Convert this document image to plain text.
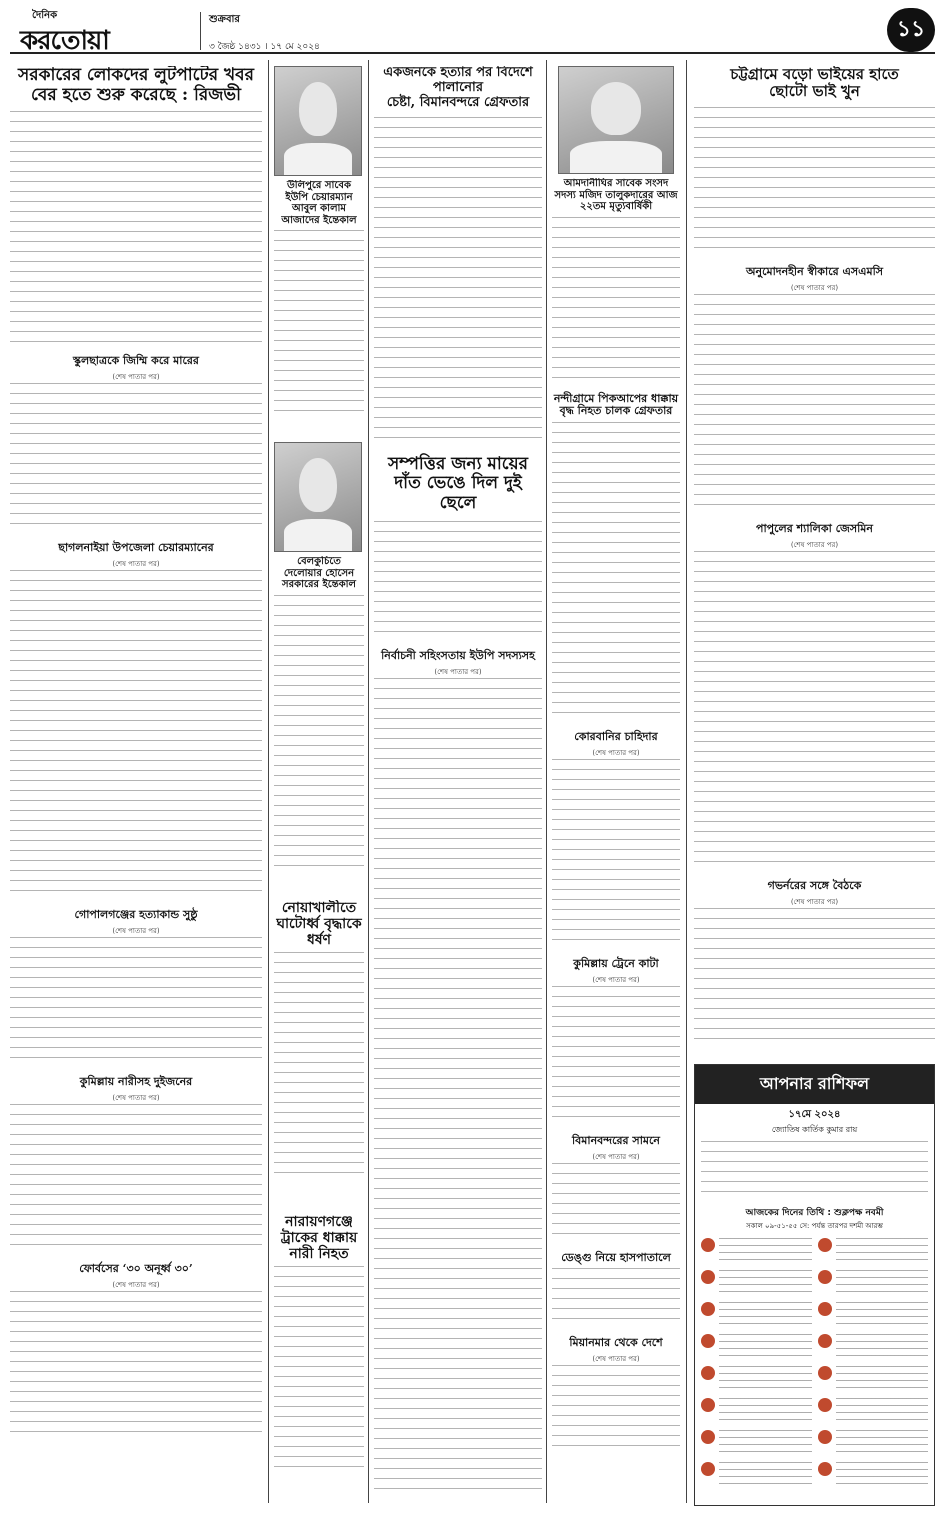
দৈনিক
করতোয়া
শুক্রবার
৩ জৈষ্ঠ ১৪৩১ । ১৭ মে ২০২৪
১১
সরকারের লোকদের লুটপাটের খবর
বের হতে শুরু করেছে : রিজভী
স্কুলছাত্রকে জিম্মি করে মারের
(শেষ পাতার পর)
ছাগলনাইয়া উপজেলা চেয়ারম্যানের
(শেষ পাতার পর)
গোপালগঞ্জের হত্যাকান্ড সুষ্ঠু
(শেষ পাতার পর)
কুমিল্লায় নারীসহ দুইজনের
(শেষ পাতার পর)
ফোর্বসের ‘৩০ অনূর্ধ্ব ৩০’
(শেষ পাতার পর)
উলিপুরে সাবেক ইউপি চেয়ারম্যান আবুল কালাম আজাদের ইন্তেকাল
বেলকুচিতে
দেলোয়ার হোসেন সরকারের ইন্তেকাল
নোয়াখালীতে ঘাটোর্ধ্ব বৃদ্ধাকে ধর্ষণ
নারায়ণগঞ্জে ট্রাকের ধাক্কায় নারী নিহত
একজনকে হত্যার পর বিদেশে পালানোর
চেষ্টা, বিমানবন্দরে গ্রেফতার
সম্পত্তির জন্য মায়ের দাঁত ভেঙে দিল দুই ছেলে
নির্বাচনী সহিংসতায় ইউপি সদস্যসহ
(শেষ পাতার পর)
আমদানীঘির সাবেক সংসদ সদস্য মজিদ তালুকদারের আজ ২২তম মৃত্যুবার্ষিকী
নন্দীগ্রামে পিকআপের ধাক্কায় বৃদ্ধ নিহত চালক গ্রেফতার
কোরবানির চাহিদার
(শেষ পাতার পর)
কুমিল্লায় ট্রেনে কাটা
(শেষ পাতার পর)
বিমানবন্দরের সামনে
(শেষ পাতার পর)
ডেঙ্গু নিয়ে হাসপাতালে
মিয়ানমার থেকে দেশে
(শেষ পাতার পর)
চট্টগ্রামে বড়ো ভাইয়ের হাতে
ছোটো ভাই খুন
অনুমোদনহীন স্বীকারে এসএমসি
(শেষ পাতার পর)
পাপুলের শ্যালিকা জেসমিন
(শেষ পাতার পর)
গভর্নরের সঙ্গে বৈঠকে
(শেষ পাতার পর)
আপনার রাশিফল
১৭মে ২০২৪
জ্যোতিষ কার্তিক কুমার রায়
আজকের দিনের তিথি : শুক্লপক্ষ নবমী
সকাল ০৯-৫১-৫৫ সে: পর্যন্ত তারপর দশমী আরম্ভ
